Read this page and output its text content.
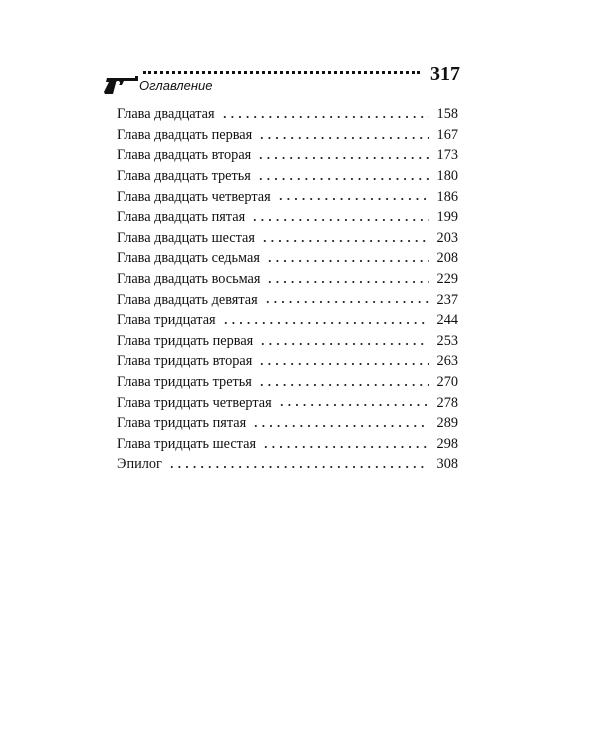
Оглавление
317
Глава двадцатая	158
Глава двадцать первая	167
Глава двадцать вторая	173
Глава двадцать третья	180
Глава двадцать четвертая	186
Глава двадцать пятая	199
Глава двадцать шестая	203
Глава двадцать седьмая	208
Глава двадцать восьмая	229
Глава двадцать девятая	237
Глава тридцатая	244
Глава тридцать первая	253
Глава тридцать вторая	263
Глава тридцать третья	270
Глава тридцать четвертая	278
Глава тридцать пятая	289
Глава тридцать шестая	298
Эпилог	308
